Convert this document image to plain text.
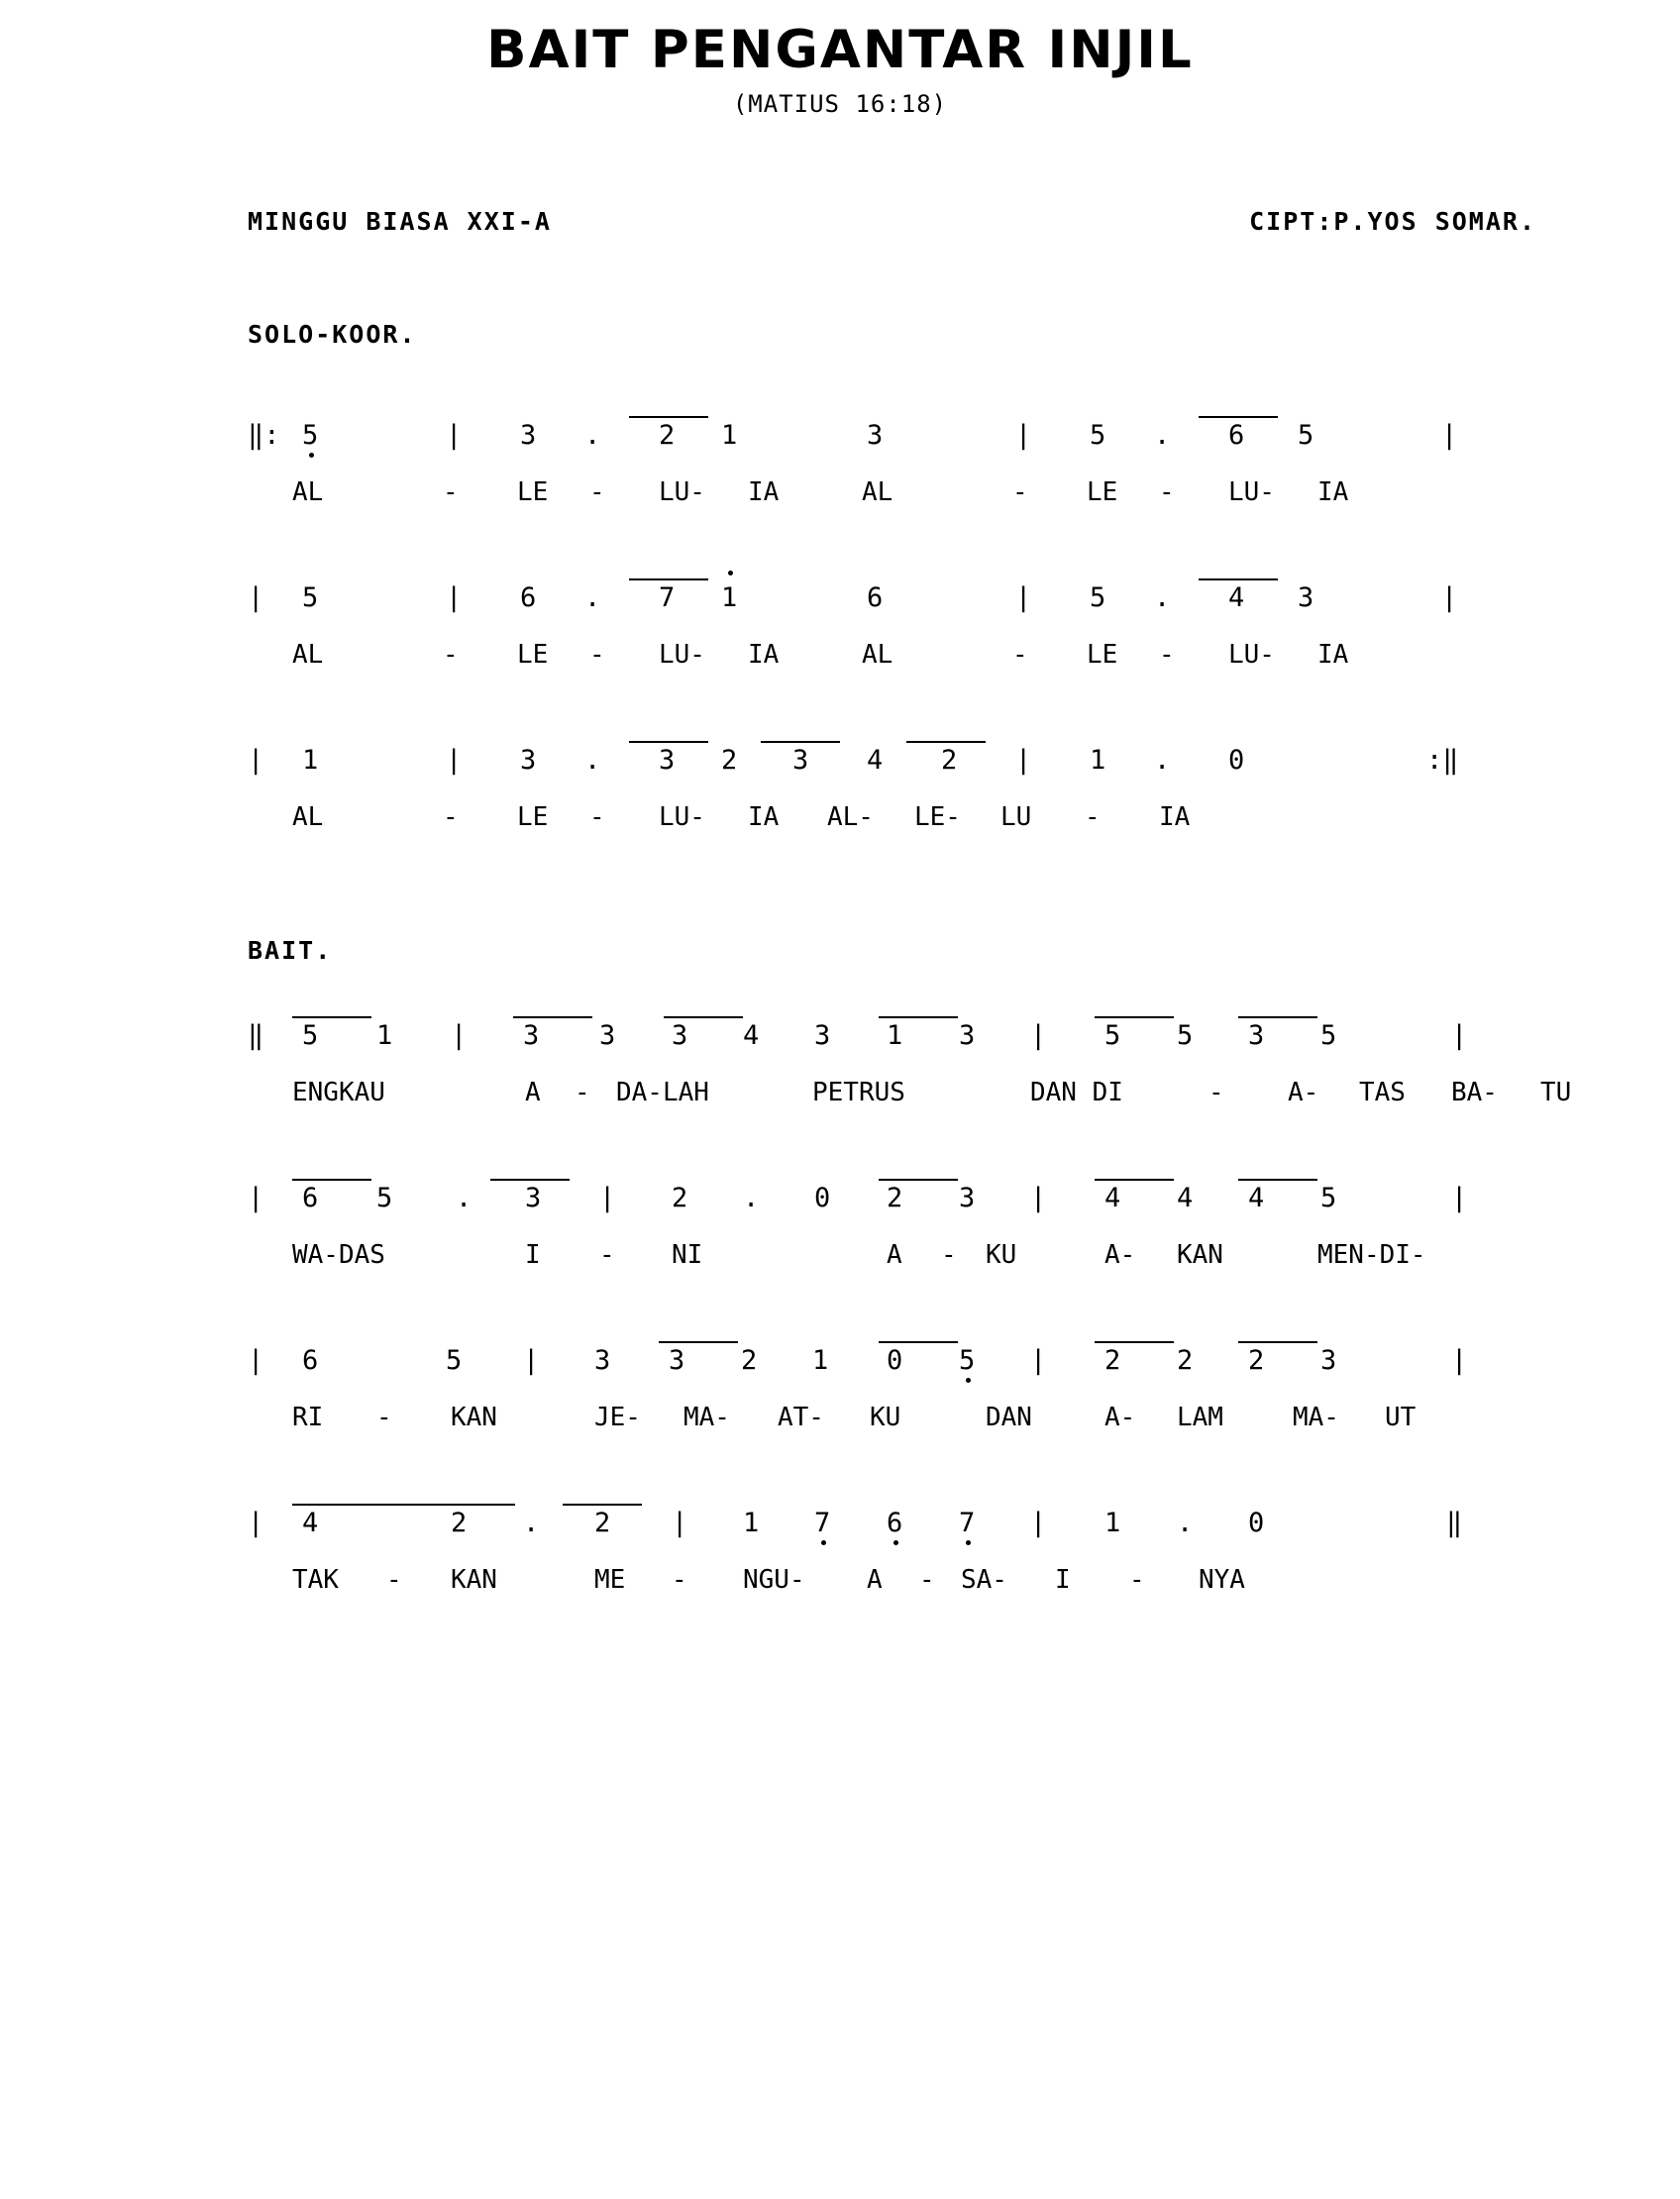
BAIT PENGANTAR INJIL
(MATIUS 16:18)
MINGGU BIASA XXI-A	CIPT:P.YOS SOMAR.
SOLO-KOOR.
‖: 5	| 3 . 2 1	3	| 5 . 6 5	|
AL	- LE - LU- IA	AL	- LE - LU- IA
| 5	| 6 . 7 1	6	| 5 . 4 3	|
AL	- LE - LU- IA	AL	- LE - LU- IA
| 1	| 3 . 3 2 3 4 2 | 1 . 0	:‖
AL	- LE - LU- IA AL- LE- LU - IA
BAIT.
‖ 5 1 | 3 3 3 4 3 1 3 | 5 5 3 5	|
ENGKAU	A - DA-LAH	PETRUS	DAN DI	- A- TAS BA- TU
| 6 5 . 3 | 2 . 0 2 3 | 4 4 4 5	|
WA-DAS	I - NI	A - KU	A- KAN	MEN-DI-
| 6	5 | 3 3 2 1 0 5 | 2 2 2 3	|
RI - KAN	JE- MA- AT- KU	DAN	A- LAM	MA- UT
| 4	2 . 2 | 1 7 6 7 | 1 . 0	‖
TAK - KAN	ME - NGU- A - SA- I - NYA
